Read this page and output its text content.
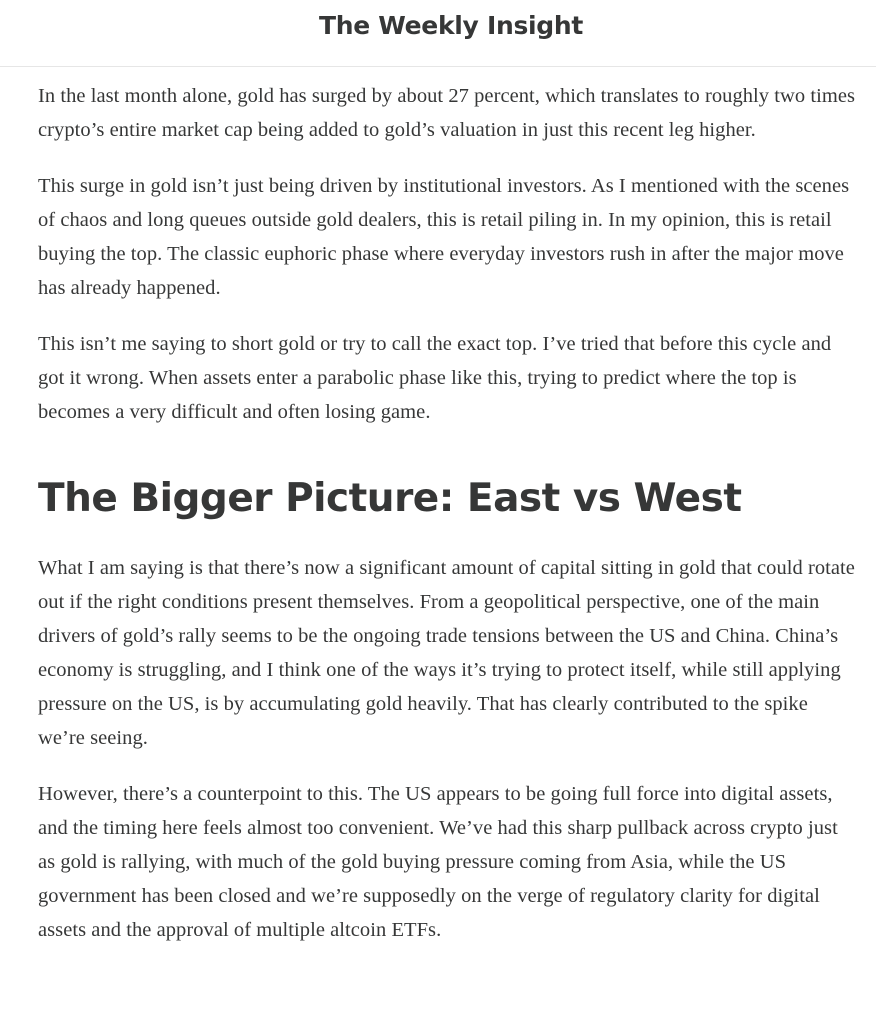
The Weekly Insight

In the last month alone, gold has surged by about 27 percent, which translates to roughly two times crypto’s entire market cap being added to gold’s valuation in just this recent leg higher.

This surge in gold isn’t just being driven by institutional investors. As I mentioned with the scenes of chaos and long queues outside gold dealers, this is retail piling in. In my opinion, this is retail buying the top. The classic euphoric phase where everyday investors rush in after the major move has already happened.

This isn’t me saying to short gold or try to call the exact top. I’ve tried that before this cycle and got it wrong. When assets enter a parabolic phase like this, trying to predict where the top is becomes a very difficult and often losing game.

The Bigger Picture: East vs West

What I am saying is that there’s now a significant amount of capital sitting in gold that could rotate out if the right conditions present themselves. From a geopolitical perspective, one of the main drivers of gold’s rally seems to be the ongoing trade tensions between the US and China. China’s economy is struggling, and I think one of the ways it’s trying to protect itself, while still applying pressure on the US, is by accumulating gold heavily. That has clearly contributed to the spike we’re seeing.

However, there’s a counterpoint to this. The US appears to be going full force into digital assets, and the timing here feels almost too convenient. We’ve had this sharp pullback across crypto just as gold is rallying, with much of the gold buying pressure coming from Asia, while the US government has been closed and we’re supposedly on the verge of regulatory clarity for digital assets and the approval of multiple altcoin ETFs.
